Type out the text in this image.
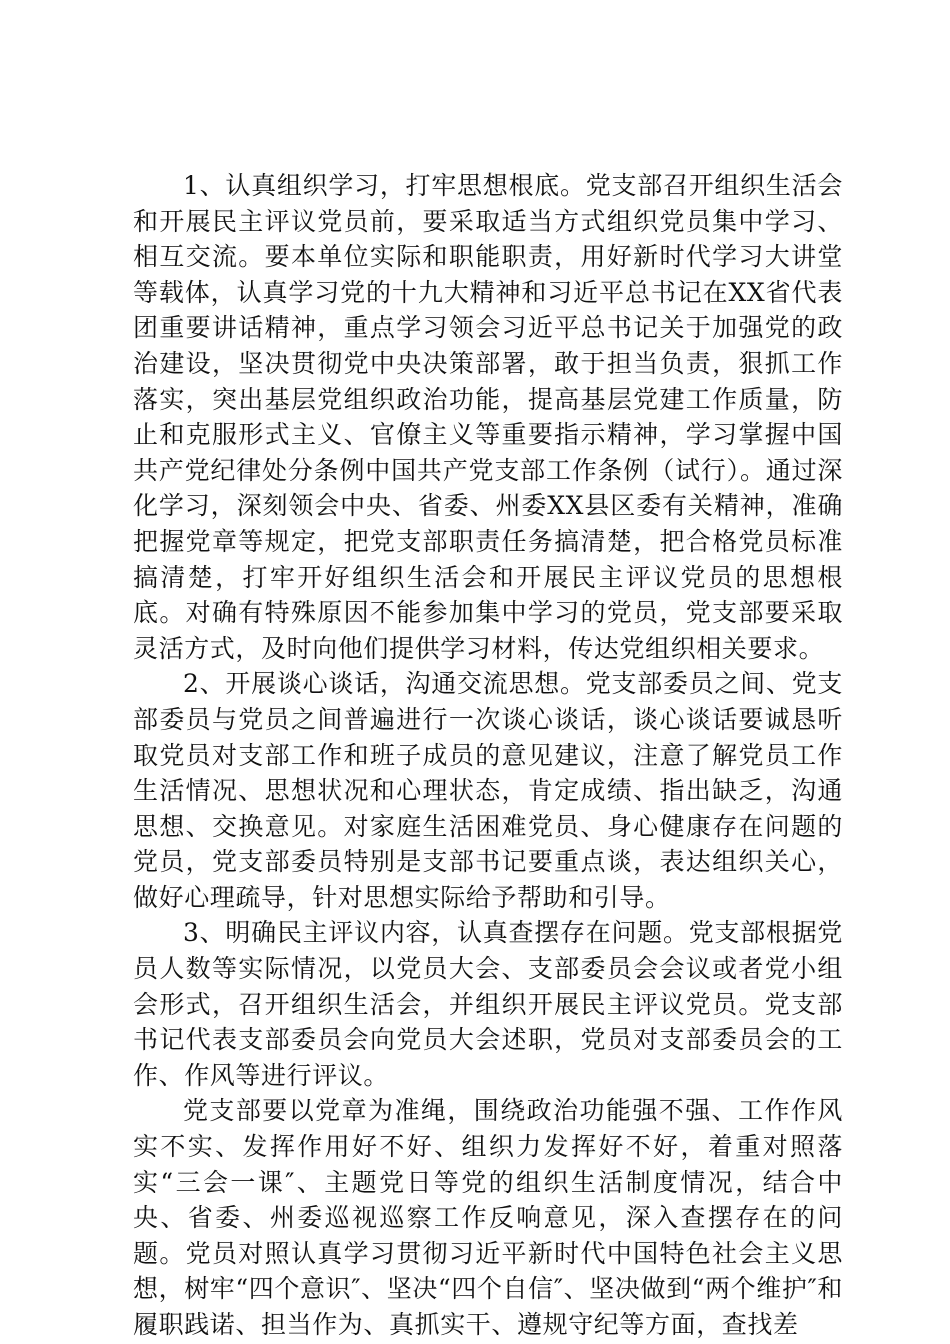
1、认真组织学习，打牢思想根底。党支部召开组织生活会和开展民主评议党员前，要采取适当方式组织党员集中学习、相互交流。要本单位实际和职能职责，用好新时代学习大讲堂等载体，认真学习党的十九大精神和习近平总书记在XX省代表团重要讲话精神，重点学习领会习近平总书记关于加强党的政治建设，坚决贯彻党中央决策部署，敢于担当负责，狠抓工作落实，突出基层党组织政治功能，提高基层党建工作质量，防止和克服形式主义、官僚主义等重要指示精神，学习掌握中国共产党纪律处分条例中国共产党支部工作条例（试行）。通过深化学习，深刻领会中央、省委、州委XX县区委有关精神，准确把握党章等规定，把党支部职责任务搞清楚，把合格党员标准搞清楚，打牢开好组织生活会和开展民主评议党员的思想根底。对确有特殊原因不能参加集中学习的党员，党支部要采取灵活方式，及时向他们提供学习材料，传达党组织相关要求。

2、开展谈心谈话，沟通交流思想。党支部委员之间、党支部委员与党员之间普遍进行一次谈心谈话，谈心谈话要诚恳听取党员对支部工作和班子成员的意见建议，注意了解党员工作生活情况、思想状况和心理状态，肯定成绩、指出缺乏，沟通思想、交换意见。对家庭生活困难党员、身心健康存在问题的党员，党支部委员特别是支部书记要重点谈，表达组织关心，做好心理疏导，针对思想实际给予帮助和引导。

3、明确民主评议内容，认真查摆存在问题。党支部根据党员人数等实际情况，以党员大会、支部委员会会议或者党小组会形式，召开组织生活会，并组织开展民主评议党员。党支部书记代表支部委员会向党员大会述职，党员对支部委员会的工作、作风等进行评议。

党支部要以党章为准绳，围绕政治功能强不强、工作作风实不实、发挥作用好不好、组织力发挥好不好，着重对照落实“三会一课″、主题党日等党的组织生活制度情况，结合中央、省委、州委巡视巡察工作反响意见，深入查摆存在的问题。党员对照认真学习贯彻习近平新时代中国特色社会主义思想，树牢“四个意识″、坚决“四个自信″、坚决做到“两个维护″和履职践诺、担当作为、真抓实干、遵规守纪等方面，查找差
